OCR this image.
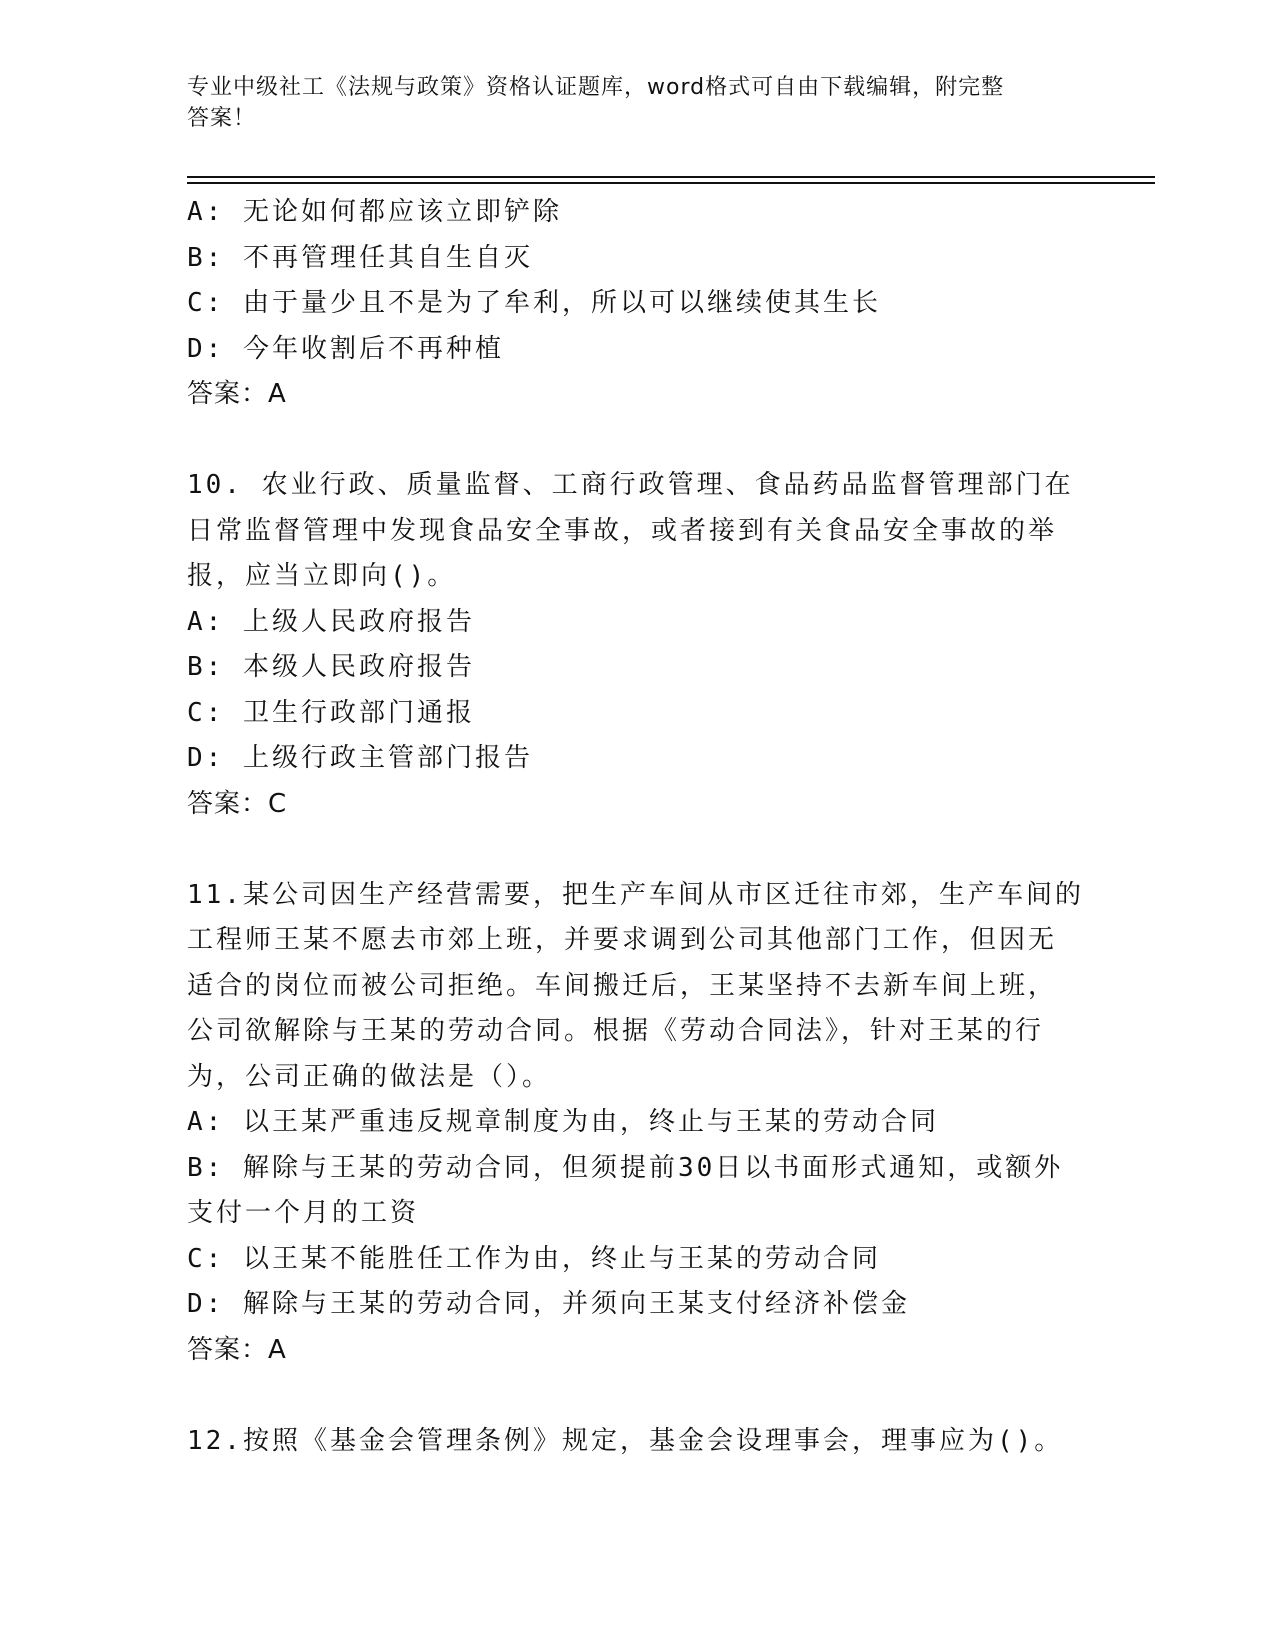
专业中级社工《法规与政策》资格认证题库，word格式可自由下载编辑，附完整
答案！
A: 无论如何都应该立即铲除
B: 不再管理任其自生自灭
C: 由于量少且不是为了牟利，所以可以继续使其生长
D: 今年收割后不再种植
答案：A
10. 农业行政、质量监督、工商行政管理、食品药品监督管理部门在
日常监督管理中发现食品安全事故，或者接到有关食品安全事故的举
报，应当立即向()。
A: 上级人民政府报告
B: 本级人民政府报告
C: 卫生行政部门通报
D: 上级行政主管部门报告
答案：C
11.某公司因生产经营需要，把生产车间从市区迁往市郊，生产车间的
工程师王某不愿去市郊上班，并要求调到公司其他部门工作，但因无
适合的岗位而被公司拒绝。车间搬迁后，王某坚持不去新车间上班，
公司欲解除与王某的劳动合同。根据《劳动合同法》，针对王某的行
为，公司正确的做法是（）。
A: 以王某严重违反规章制度为由，终止与王某的劳动合同
B: 解除与王某的劳动合同，但须提前30日以书面形式通知，或额外
支付一个月的工资
C: 以王某不能胜任工作为由，终止与王某的劳动合同
D: 解除与王某的劳动合同，并须向王某支付经济补偿金
答案：A
12.按照《基金会管理条例》规定，基金会设理事会，理事应为()。
